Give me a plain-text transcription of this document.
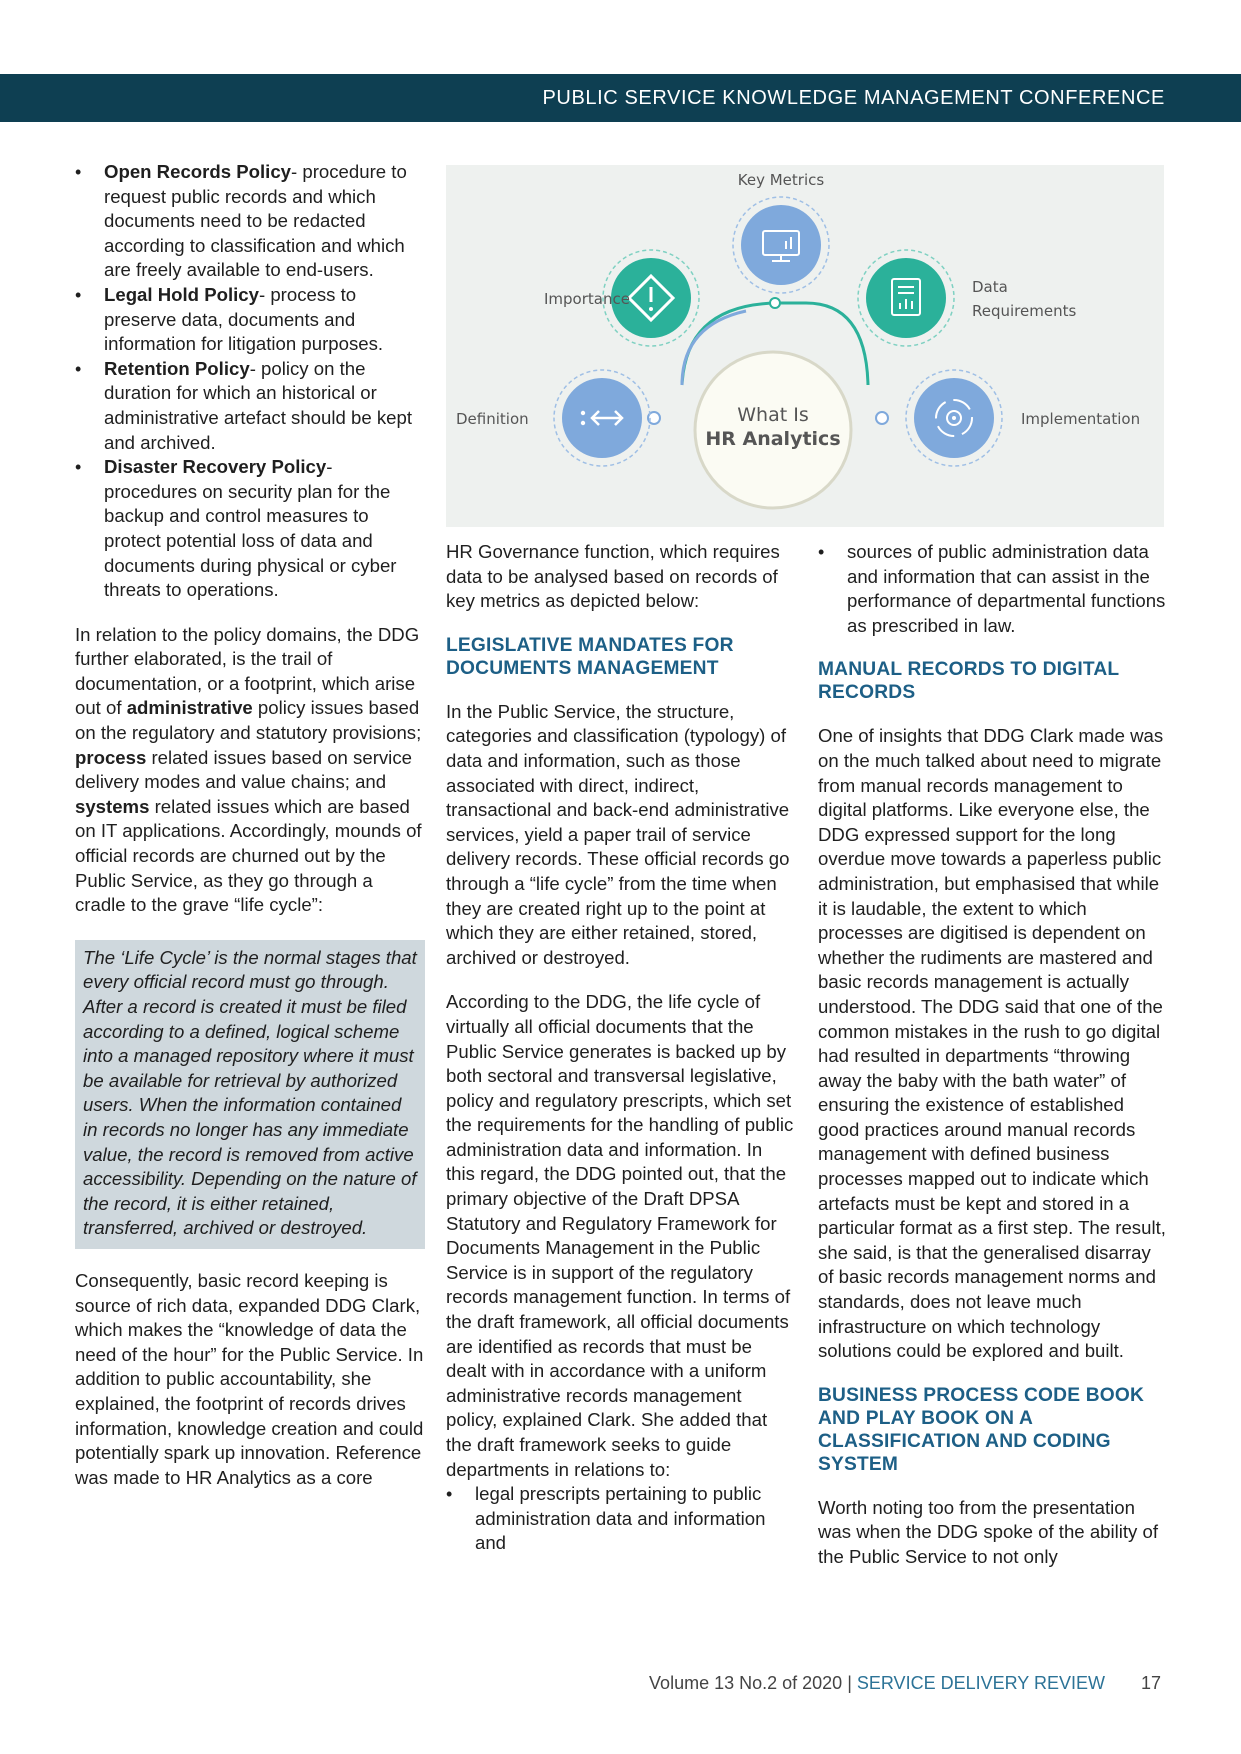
PUBLIC SERVICE KNOWLEDGE MANAGEMENT CONFERENCE
• Open Records Policy- procedure to request public records and which documents need to be redacted according to classification and which are freely available to end-users.
• Legal Hold Policy- process to preserve data, documents and information for litigation purposes.
• Retention Policy- policy on the duration for which an historical or administrative artefact should be kept and archived.
• Disaster Recovery Policy- procedures on security plan for the backup and control measures to protect potential loss of data and documents during physical or cyber threats to operations.

In relation to the policy domains, the DDG further elaborated, is the trail of documentation, or a footprint, which arise out of administrative policy issues based on the regulatory and statutory provisions; process related issues based on service delivery modes and value chains; and systems related issues which are based on IT applications. Accordingly, mounds of official records are churned out by the Public Service, as they go through a cradle to the grave “life cycle”:

The ‘Life Cycle’ is the normal stages that every official record must go through. After a record is created it must be filed according to a defined, logical scheme into a managed repository where it must be available for retrieval by authorized users. When the information contained in records no longer has any immediate value, the record is removed from active accessibility. Depending on the nature of the record, it is either retained, transferred, archived or destroyed.

Consequently, basic record keeping is source of rich data, expanded DDG Clark, which makes the “knowledge of data the need of the hour” for the Public Service. In addition to public accountability, she explained, the footprint of records drives information, knowledge creation and could potentially spark up innovation. Reference was made to HR Analytics as a core

What Is
HR Analytics
Key Metrics
Importance
Data
Requirements
Definition	Implementation

HR Governance function, which requires data to be analysed based on records of key metrics as depicted below:

LEGISLATIVE MANDATES FOR DOCUMENTS MANAGEMENT

In the Public Service, the structure, categories and classification (typology) of data and information, such as those associated with direct, indirect, transactional and back-end administrative services, yield a paper trail of service delivery records. These official records go through a “life cycle” from the time when they are created right up to the point at which they are either retained, stored, archived or destroyed.

According to the DDG, the life cycle of virtually all official documents that the Public Service generates is backed up by both sectoral and transversal legislative, policy and regulatory prescripts, which set the requirements for the handling of public administration data and information. In this regard, the DDG pointed out, that the primary objective of the Draft DPSA Statutory and Regulatory Framework for Documents Management in the Public Service is in support of the regulatory records management function. In terms of the draft framework, all official documents are identified as records that must be dealt with in accordance with a uniform administrative records management policy, explained Clark. She added that the draft framework seeks to guide departments in relations to:

• legal prescripts pertaining to public administration data and information and
• sources of public administration data and information that can assist in the performance of departmental functions as prescribed in law.
MANUAL RECORDS TO DIGITAL RECORDS

One of insights that DDG Clark made was on the much talked about need to migrate from manual records management to digital platforms. Like everyone else, the DDG expressed support for the long overdue move towards a paperless public administration, but emphasised that while it is laudable, the extent to which processes are digitised is dependent on whether the rudiments are mastered and basic records management is actually understood. The DDG said that one of the common mistakes in the rush to go digital had resulted in departments “throwing away the baby with the bath water” of ensuring the existence of established good practices around manual records management with defined business processes mapped out to indicate which artefacts must be kept and stored in a particular format as a first step. The result, she said, is that the generalised disarray of basic records management norms and standards, does not leave much infrastructure on which technology solutions could be explored and built.

BUSINESS PROCESS CODE BOOK AND PLAY BOOK ON A CLASSIFICATION AND CODING SYSTEM

Worth noting too from the presentation was when the DDG spoke of the ability of the Public Service to not only

Volume 13 No.2 of 2020 | SERVICE DELIVERY REVIEW 17
